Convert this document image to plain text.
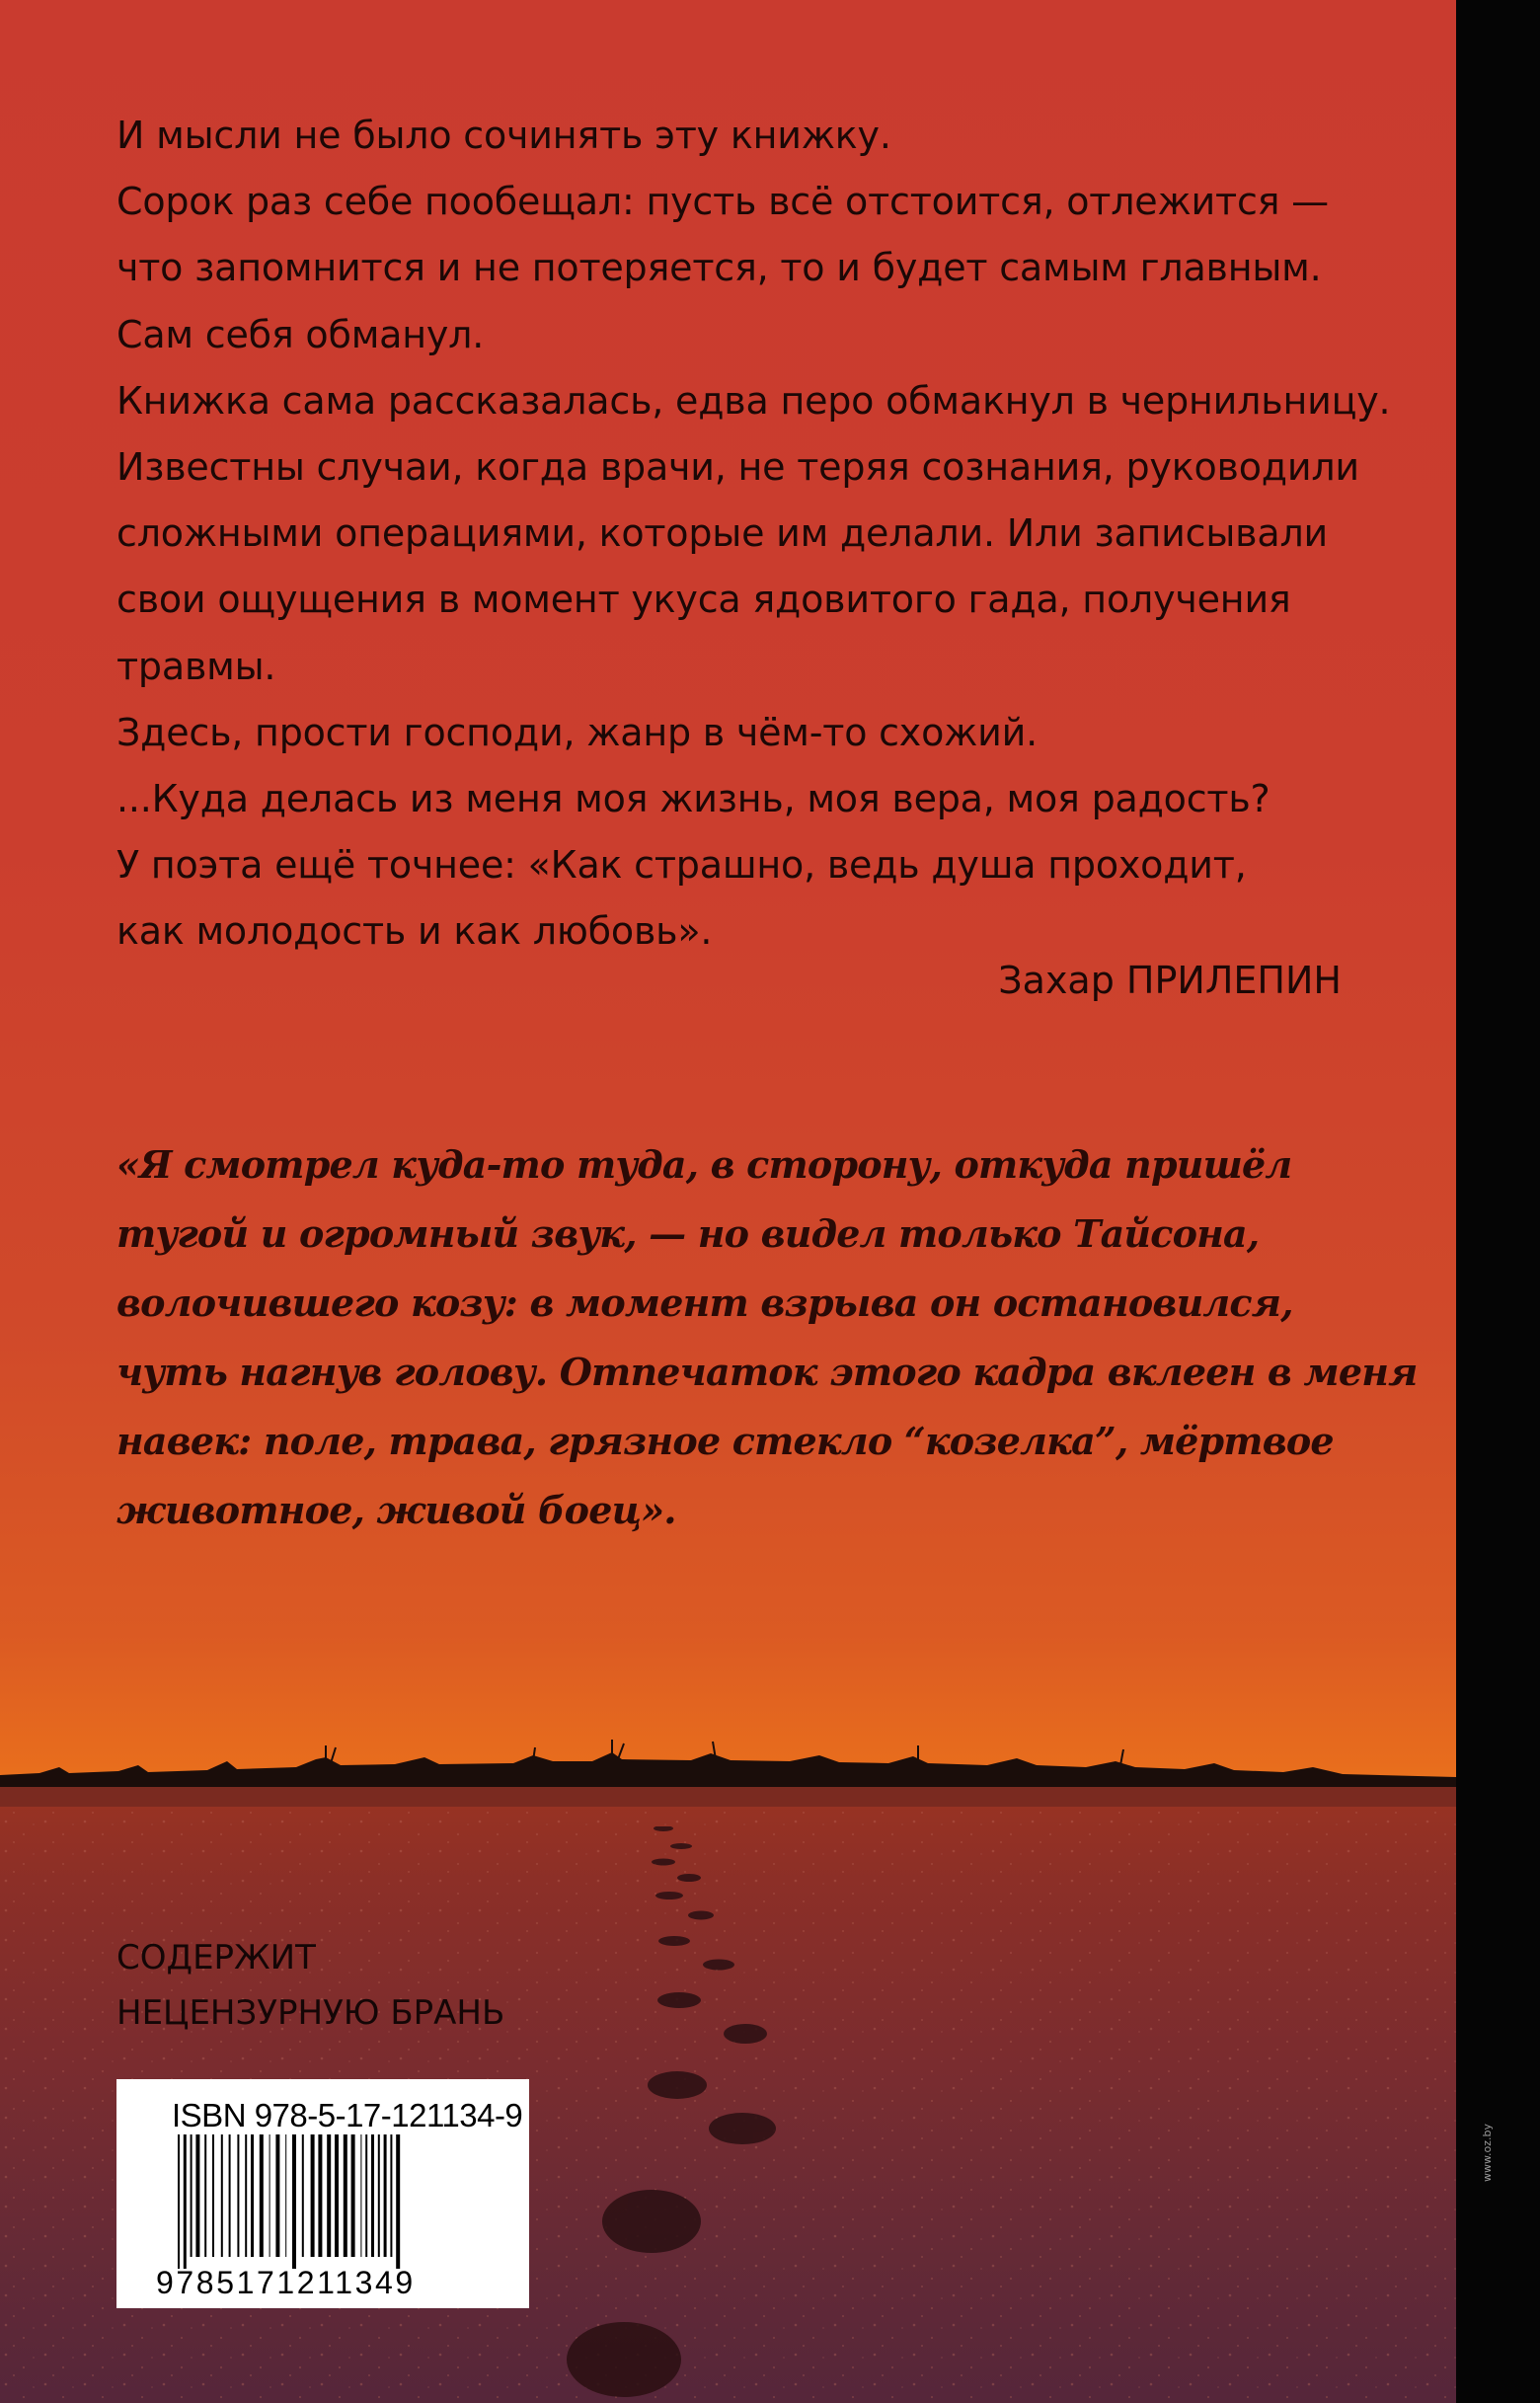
И мысли не было сочинять эту книжку.

Сорок раз себе пообещал: пусть всё отстоится, отлежится —

что запомнится и не потеряется, то и будет самым главным.

Сам себя обманул.

Книжка сама рассказалась, едва перо обмакнул в чернильницу.

Известны случаи, когда врачи, не теряя сознания, руководили

сложными операциями, которые им делали. Или записывали

свои ощущения в момент укуса ядовитого гада, получения

травмы.

Здесь, прости господи, жанр в чём-то схожий.

...Куда делась из меня моя жизнь, моя вера, моя радость?

У поэта ещё точнее: «Как страшно, ведь душа проходит,

как молодость и как любовь».

Захар ПРИЛЕПИН

«Я смотрел куда-то туда, в сторону, откуда пришёл

тугой и огромный звук, — но видел только Тайсона,

волочившего козу: в момент взрыва он остановился,

чуть нагнув голову. Отпечаток этого кадра вклеен в меня

навек: поле, трава, грязное стекло “козелка”, мёртвое

животное, живой боец».

СОДЕРЖИТ
НЕЦЕНЗУРНУЮ БРАНЬ
ISBN 978-5-17-121134-9
9785171211349
www.oz.by
